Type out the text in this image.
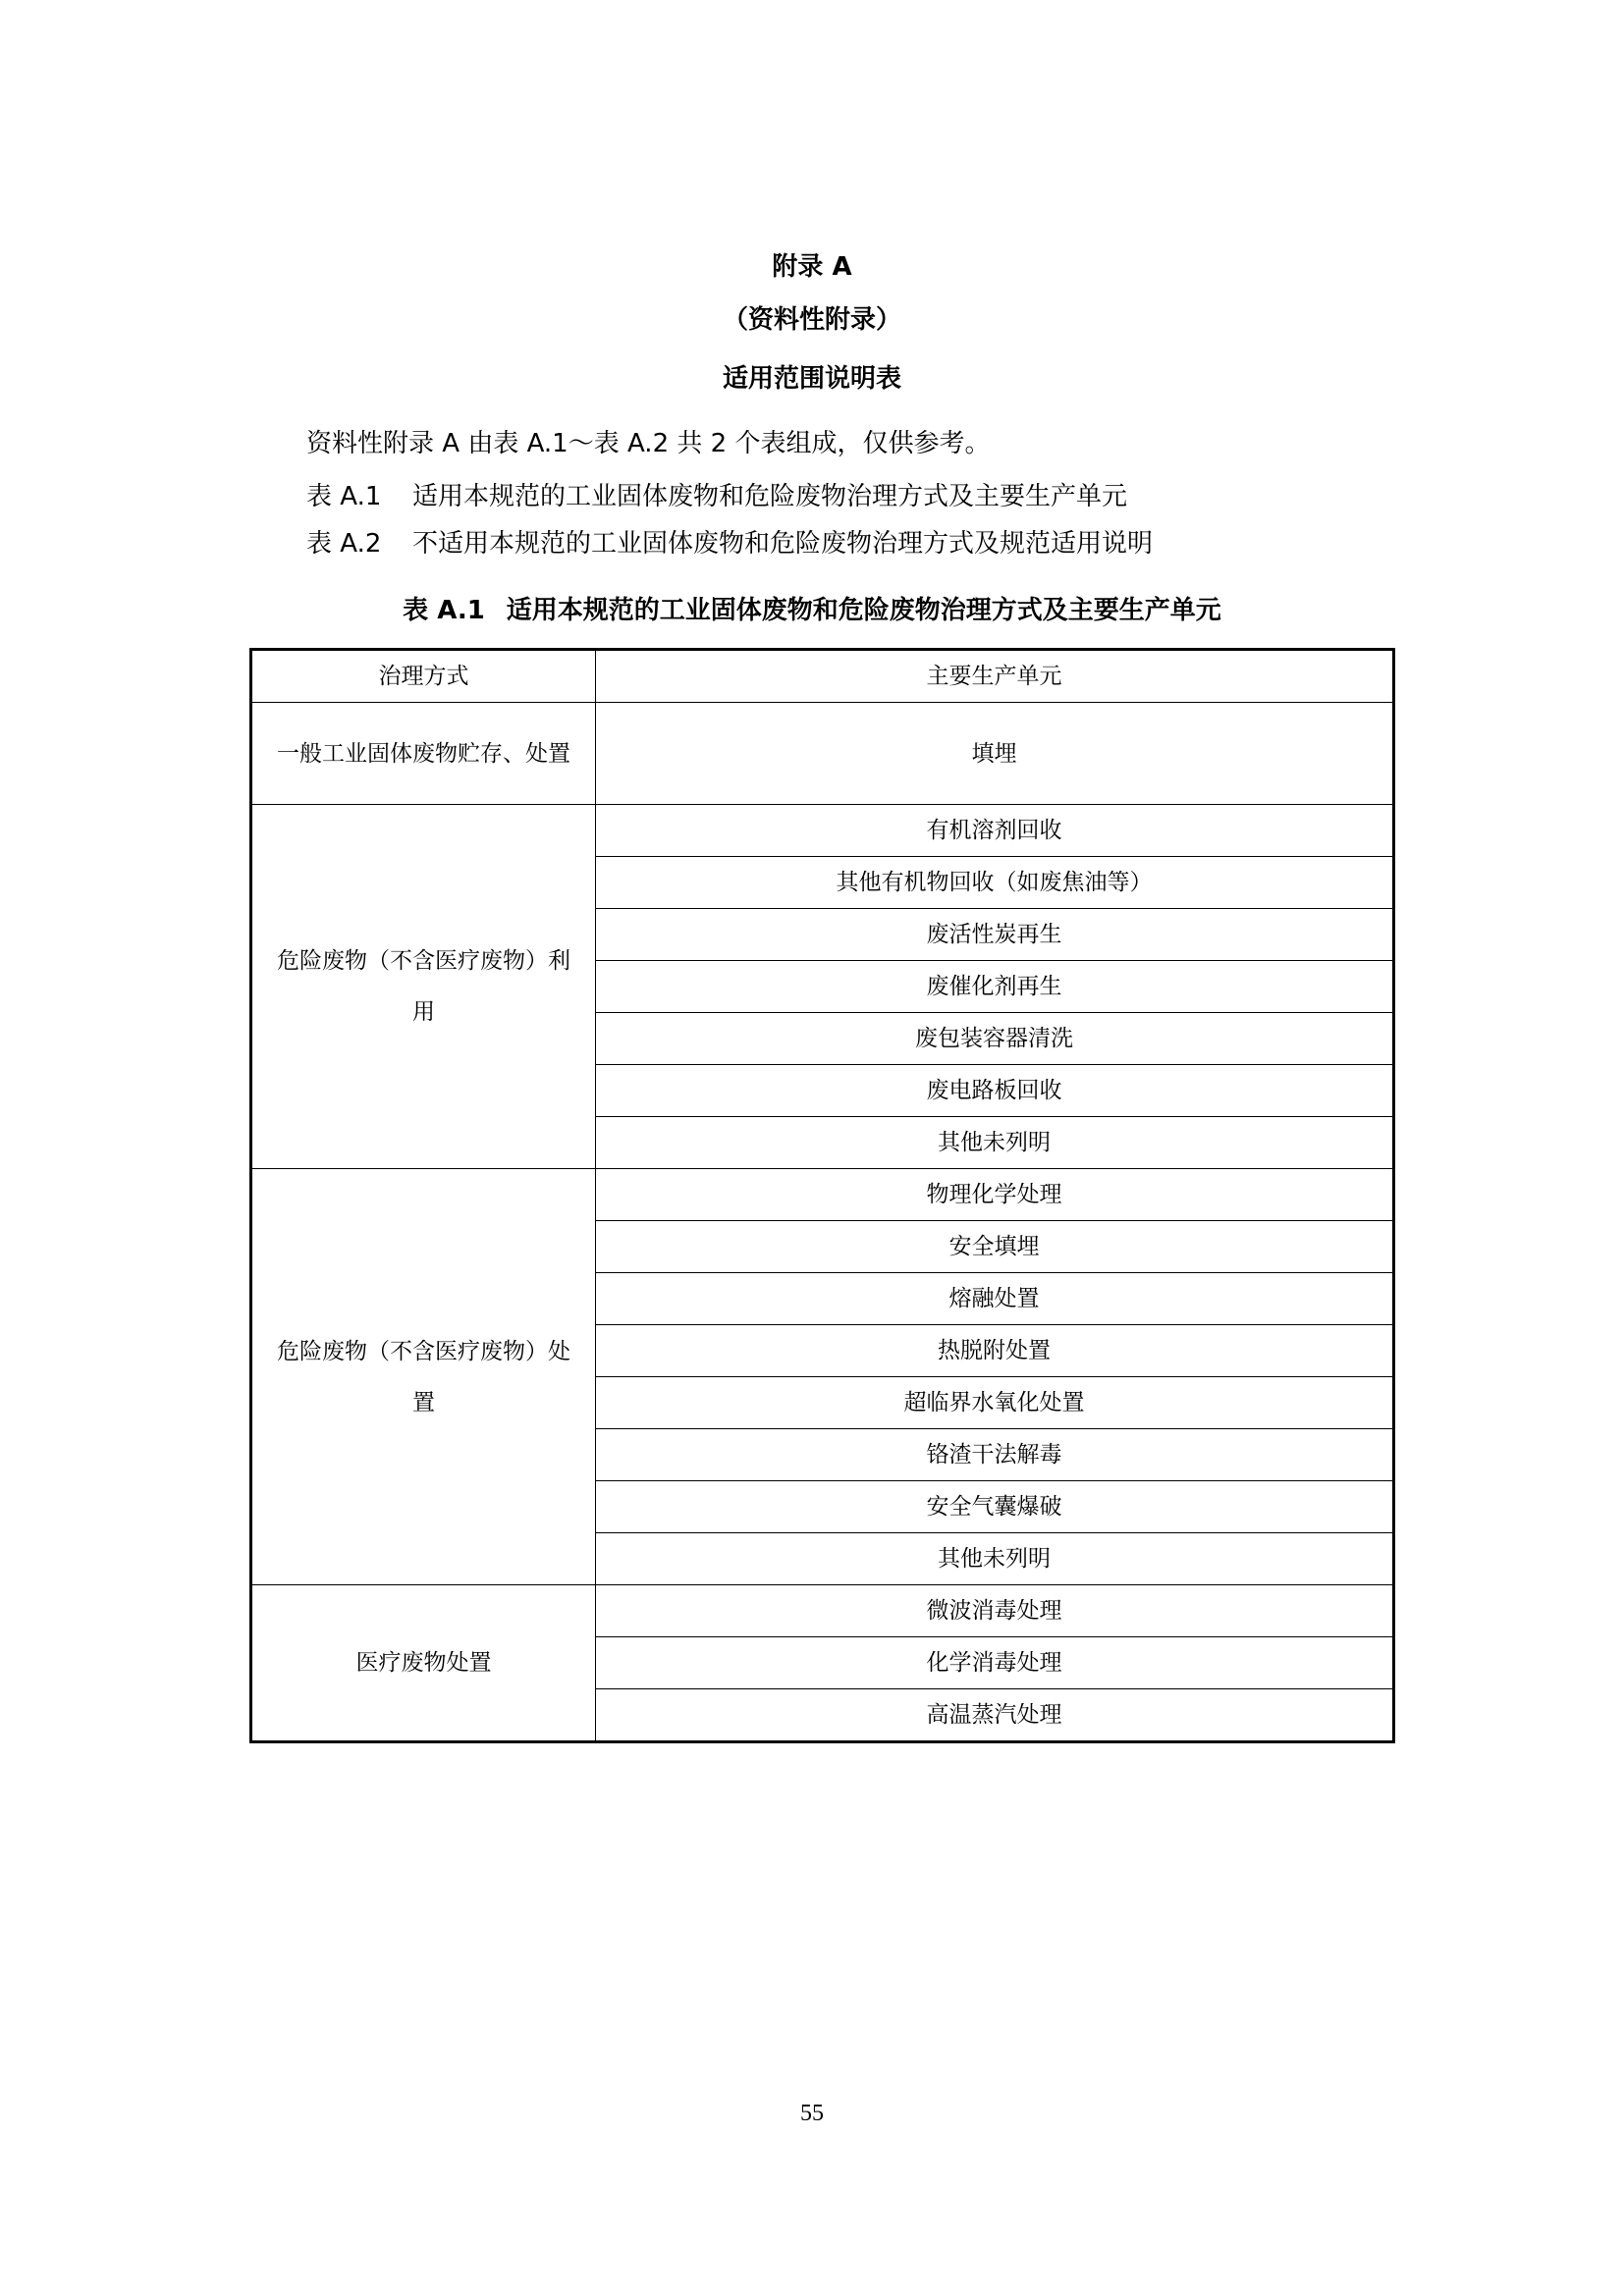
附录 A
（资料性附录）
适用范围说明表
资料性附录 A 由表 A.1～表 A.2 共 2 个表组成，仅供参考。
表 A.1 适用本规范的工业固体废物和危险废物治理方式及主要生产单元
表 A.2 不适用本规范的工业固体废物和危险废物治理方式及规范适用说明
表 A.1 适用本规范的工业固体废物和危险废物治理方式及主要生产单元
治理方式	主要生产单元
一般工业固体废物贮存、处置	填埋
危险废物（不含医疗废物）利用	有机溶剂回收
	其他有机物回收（如废焦油等）
	废活性炭再生
	废催化剂再生
	废包装容器清洗
	废电路板回收
	其他未列明
危险废物（不含医疗废物）处置	物理化学处理
	安全填埋
	熔融处置
	热脱附处置
	超临界水氧化处置
	铬渣干法解毒
	安全气囊爆破
	其他未列明
医疗废物处置	微波消毒处理
	化学消毒处理
	高温蒸汽处理
55
